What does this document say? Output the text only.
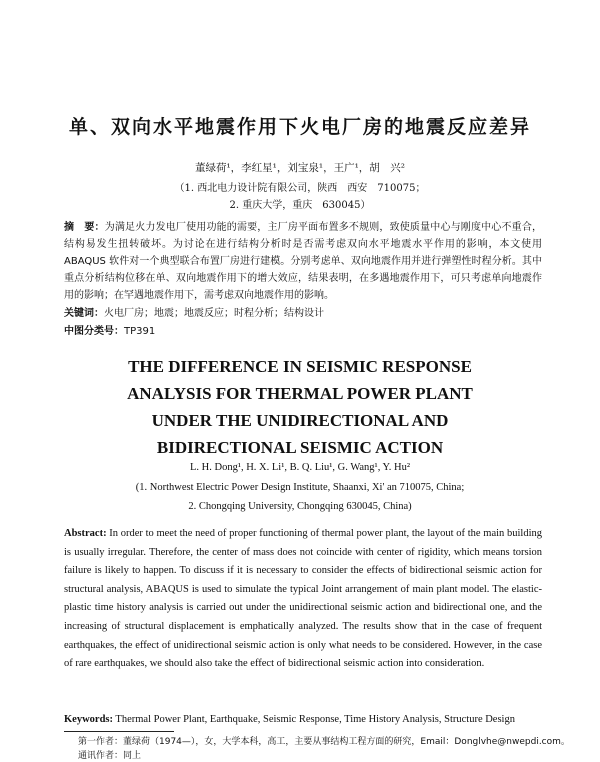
单、双向水平地震作用下火电厂房的地震反应差异
董绿荷¹，李红星¹，刘宝泉¹，王广¹，胡　兴²
（1. 西北电力设计院有限公司，陕西　西安　710075；
2. 重庆大学，重庆　630045）
摘　要：为满足火力发电厂使用功能的需要，主厂房平面布置多不规则，致使质量中心与刚度中心不重合，结构易发生扭转破坏。为讨论在进行结构分析时是否需考虑双向水平地震水平作用的影响，本文使用 ABAQUS 软件对一个典型联合布置厂房进行建模。分别考虑单、双向地震作用并进行弹塑性时程分析。其中重点分析结构位移在单、双向地震作用下的增大效应，结果表明，在多遇地震作用下，可只考虑单向地震作用的影响；在罕遇地震作用下，需考虑双向地震作用的影响。
关键词：火电厂房；地震；地震反应；时程分析；结构设计
中图分类号：TP391
THE DIFFERENCE IN SEISMIC RESPONSE
ANALYSIS FOR THERMAL POWER PLANT
UNDER THE UNIDIRECTIONAL AND
BIDIRECTIONAL SEISMIC ACTION
L. H. Dong¹, H. X. Li¹, B. Q. Liu¹, G. Wang¹, Y. Hu²
(1. Northwest Electric Power Design Institute, Shaanxi, Xi' an 710075, China;
2. Chongqing University, Chongqing 630045, China)
Abstract: In order to meet the need of proper functioning of thermal power plant, the layout of the main building is usually irregular. Therefore, the center of mass does not coincide with center of rigidity, which means torsion failure is likely to happen. To discuss if it is necessary to consider the effects of bidirectional seismic action for structural analysis, ABAQUS is used to simulate the typical Joint arrangement of main plant model. The elastic-plastic time history analysis is carried out under the unidirectional seismic action and bidirectional one, and the increasing of structural displacement is emphatically analyzed. The results show that in the case of frequent earthquakes, the effect of unidirectional seismic action is only what needs to be considered. However, in the case of rare earthquakes, we should also take the effect of bidirectional seismic action into consideration.
Keywords: Thermal Power Plant, Earthquake, Seismic Response, Time History Analysis, Structure Design
第一作者：董绿荷（1974—），女，大学本科，高工，主要从事结构工程方面的研究，Email：Donglvhe@nwepdi.com。
通讯作者：同上
